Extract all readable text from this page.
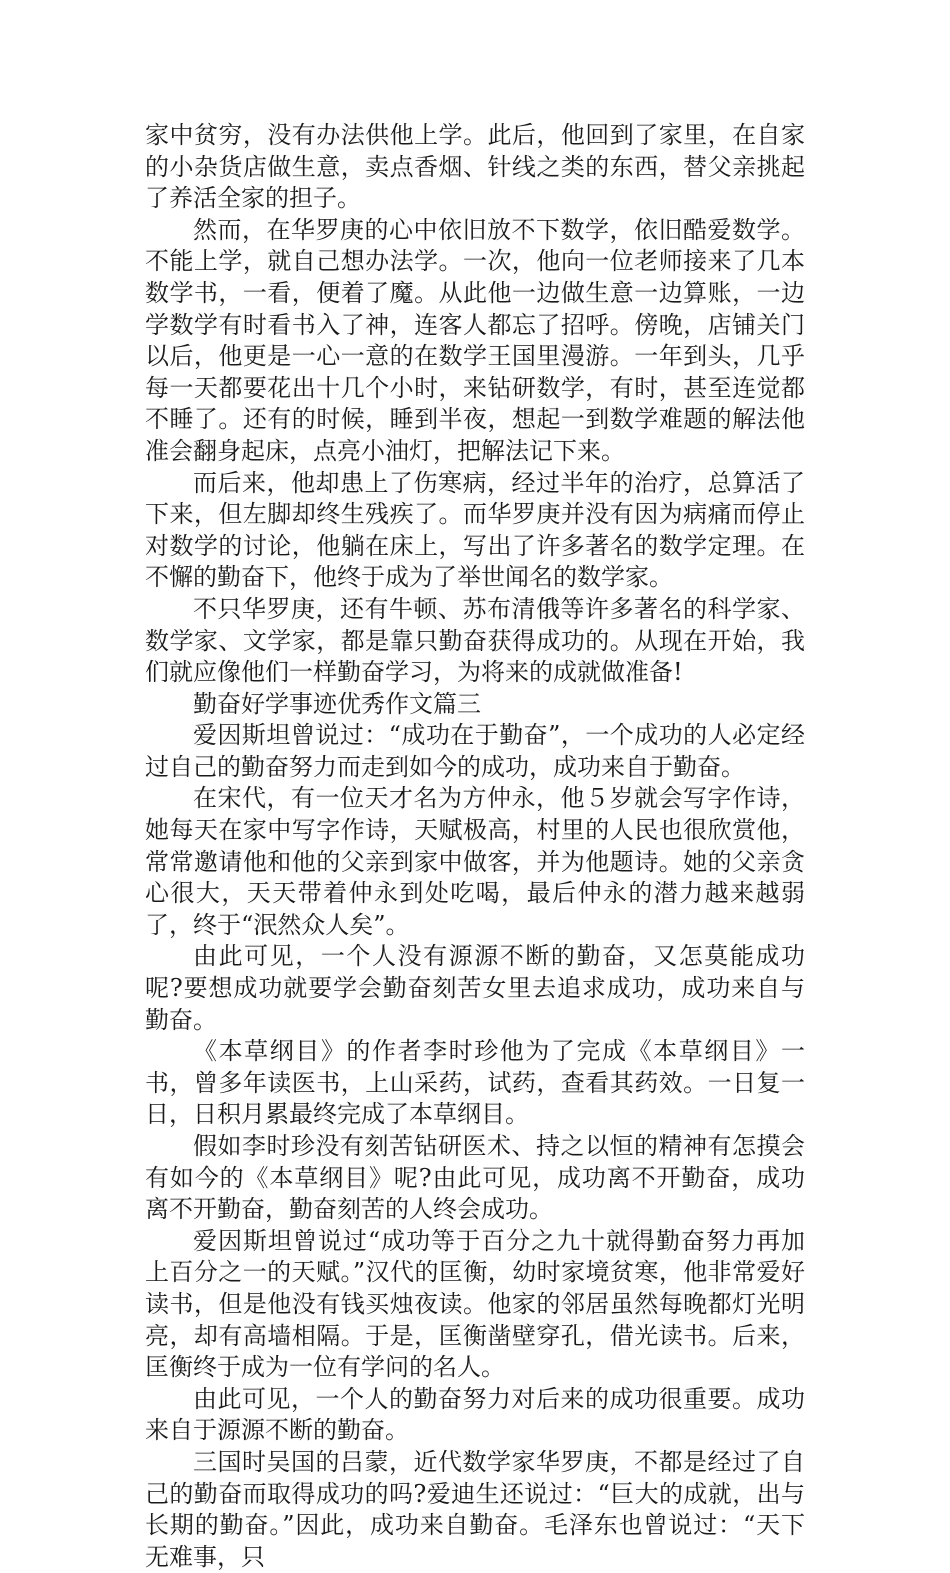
家中贫穷，没有办法供他上学。此后，他回到了家里，在自家的小杂货店做生意，卖点香烟、针线之类的东西，替父亲挑起了养活全家的担子。

然而，在华罗庚的心中依旧放不下数学，依旧酷爱数学。不能上学，就自己想办法学。一次，他向一位老师接来了几本数学书，一看，便着了魔。从此他一边做生意一边算账，一边学数学有时看书入了神，连客人都忘了招呼。傍晚，店铺关门以后，他更是一心一意的在数学王国里漫游。一年到头，几乎每一天都要花出十几个小时，来钻研数学，有时，甚至连觉都不睡了。还有的时候，睡到半夜，想起一到数学难题的解法他准会翻身起床，点亮小油灯，把解法记下来。

而后来，他却患上了伤寒病，经过半年的治疗，总算活了下来，但左脚却终生残疾了。而华罗庚并没有因为病痛而停止对数学的讨论，他躺在床上，写出了许多著名的数学定理。在不懈的勤奋下，他终于成为了举世闻名的数学家。

不只华罗庚，还有牛顿、苏布清俄等许多著名的科学家、数学家、文学家，都是靠只勤奋获得成功的。从现在开始，我们就应像他们一样勤奋学习，为将来的成就做准备!

勤奋好学事迹优秀作文篇三

爱因斯坦曾说过：“成功在于勤奋”，一个成功的人必定经过自己的勤奋努力而走到如今的成功，成功来自于勤奋。

在宋代，有一位天才名为方仲永，他５岁就会写字作诗，她每天在家中写字作诗，天赋极高，村里的人民也很欣赏他，常常邀请他和他的父亲到家中做客，并为他题诗。她的父亲贪心很大，天天带着仲永到处吃喝，最后仲永的潜力越来越弱了，终于“泯然众人矣”。

由此可见，一个人没有源源不断的勤奋，又怎莫能成功呢?要想成功就要学会勤奋刻苦女里去追求成功，成功来自与勤奋。

《本草纲目》的作者李时珍他为了完成《本草纲目》一书，曾多年读医书，上山采药，试药，查看其药效。一日复一日，日积月累最终完成了本草纲目。

假如李时珍没有刻苦钻研医术、持之以恒的精神有怎摸会有如今的《本草纲目》呢?由此可见，成功离不开勤奋，成功离不开勤奋，勤奋刻苦的人终会成功。

爱因斯坦曾说过“成功等于百分之九十就得勤奋努力再加上百分之一的天赋。”汉代的匡衡，幼时家境贫寒，他非常爱好读书，但是他没有钱买烛夜读。他家的邻居虽然每晚都灯光明亮，却有高墙相隔。于是，匡衡凿壁穿孔，借光读书。后来，匡衡终于成为一位有学问的名人。

由此可见，一个人的勤奋努力对后来的成功很重要。成功来自于源源不断的勤奋。

三国时吴国的吕蒙，近代数学家华罗庚，不都是经过了自己的勤奋而取得成功的吗?爱迪生还说过：“巨大的成就，出与长期的勤奋。”因此，成功来自勤奋。毛泽东也曾说过：“天下无难事，只
